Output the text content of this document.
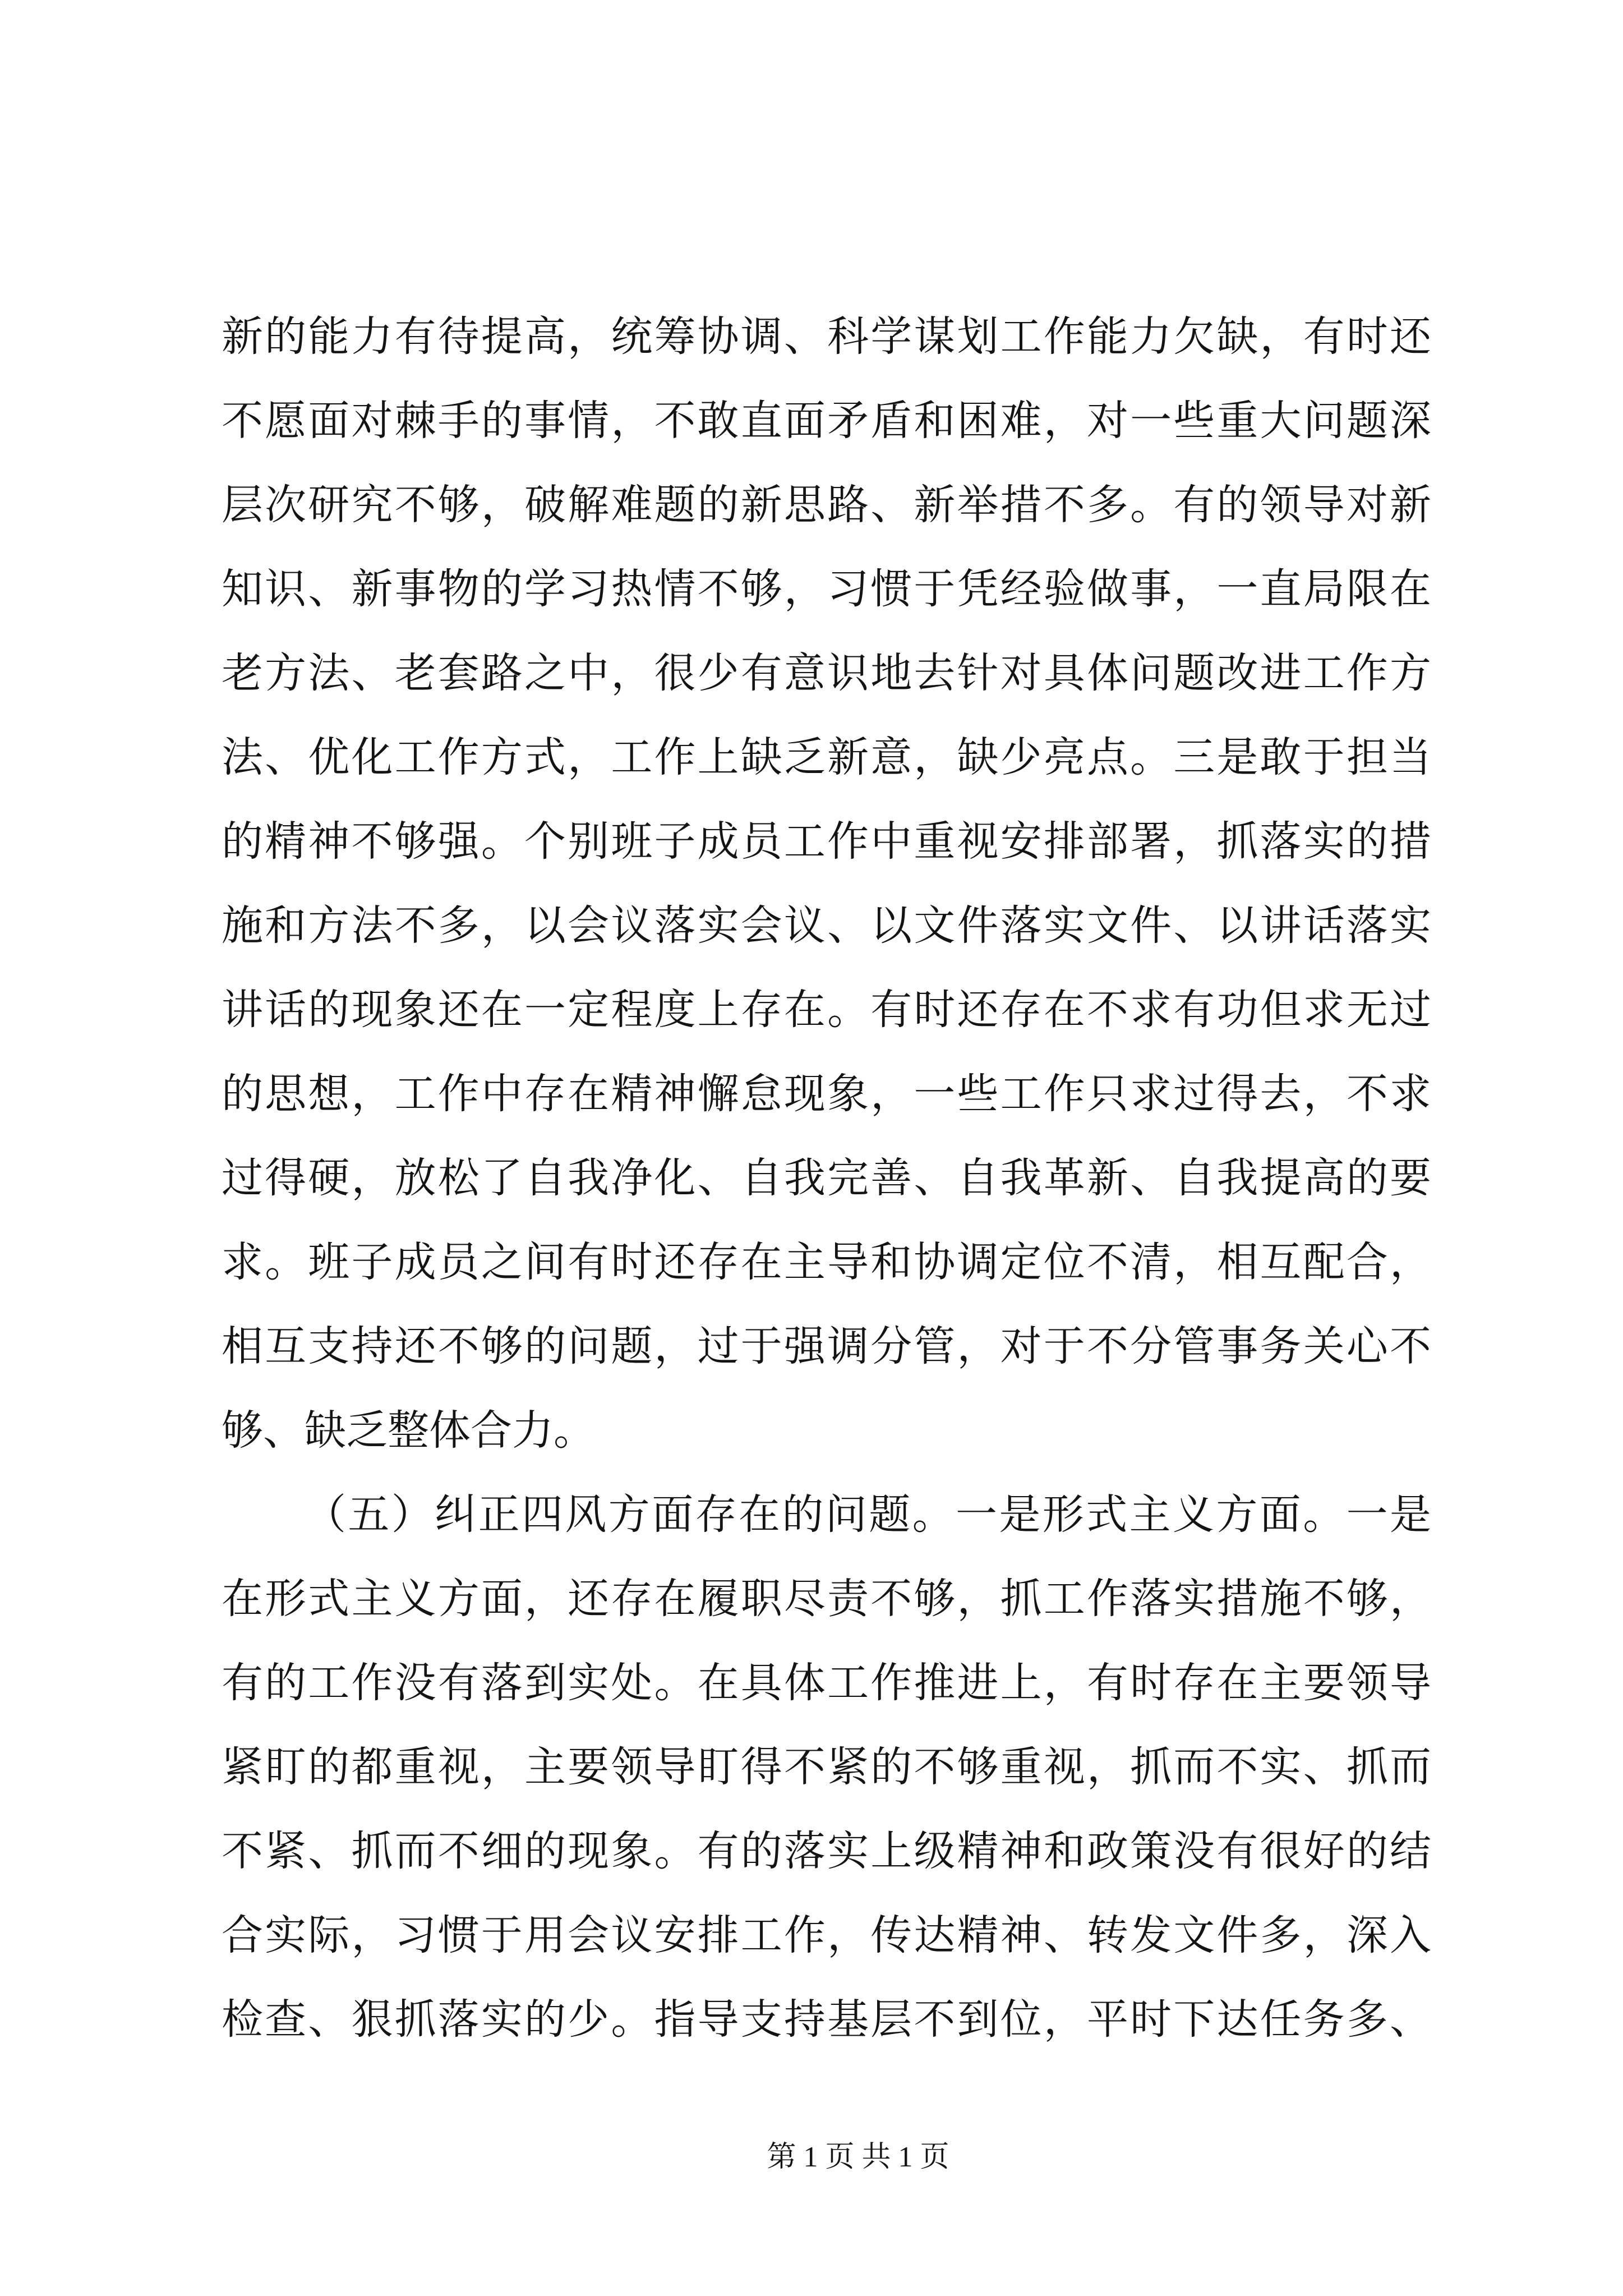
新的能力有待提高，统筹协调、科学谋划工作能力欠缺，有时还
不愿面对棘手的事情，不敢直面矛盾和困难，对一些重大问题深
层次研究不够，破解难题的新思路、新举措不多。有的领导对新
知识、新事物的学习热情不够，习惯于凭经验做事，一直局限在
老方法、老套路之中，很少有意识地去针对具体问题改进工作方
法、优化工作方式，工作上缺乏新意，缺少亮点。三是敢于担当
的精神不够强。个别班子成员工作中重视安排部署，抓落实的措
施和方法不多，以会议落实会议、以文件落实文件、以讲话落实
讲话的现象还在一定程度上存在。有时还存在不求有功但求无过
的思想，工作中存在精神懈怠现象，一些工作只求过得去，不求
过得硬，放松了自我净化、自我完善、自我革新、自我提高的要
求。班子成员之间有时还存在主导和协调定位不清，相互配合，
相互支持还不够的问题，过于强调分管，对于不分管事务关心不
够、缺乏整体合力。
（五）纠正四风方面存在的问题。一是形式主义方面。一是
在形式主义方面，还存在履职尽责不够，抓工作落实措施不够，
有的工作没有落到实处。在具体工作推进上，有时存在主要领导
紧盯的都重视，主要领导盯得不紧的不够重视，抓而不实、抓而
不紧、抓而不细的现象。有的落实上级精神和政策没有很好的结
合实际，习惯于用会议安排工作，传达精神、转发文件多，深入
检查、狠抓落实的少。指导支持基层不到位，平时下达任务多、
第 1 页 共 1 页
